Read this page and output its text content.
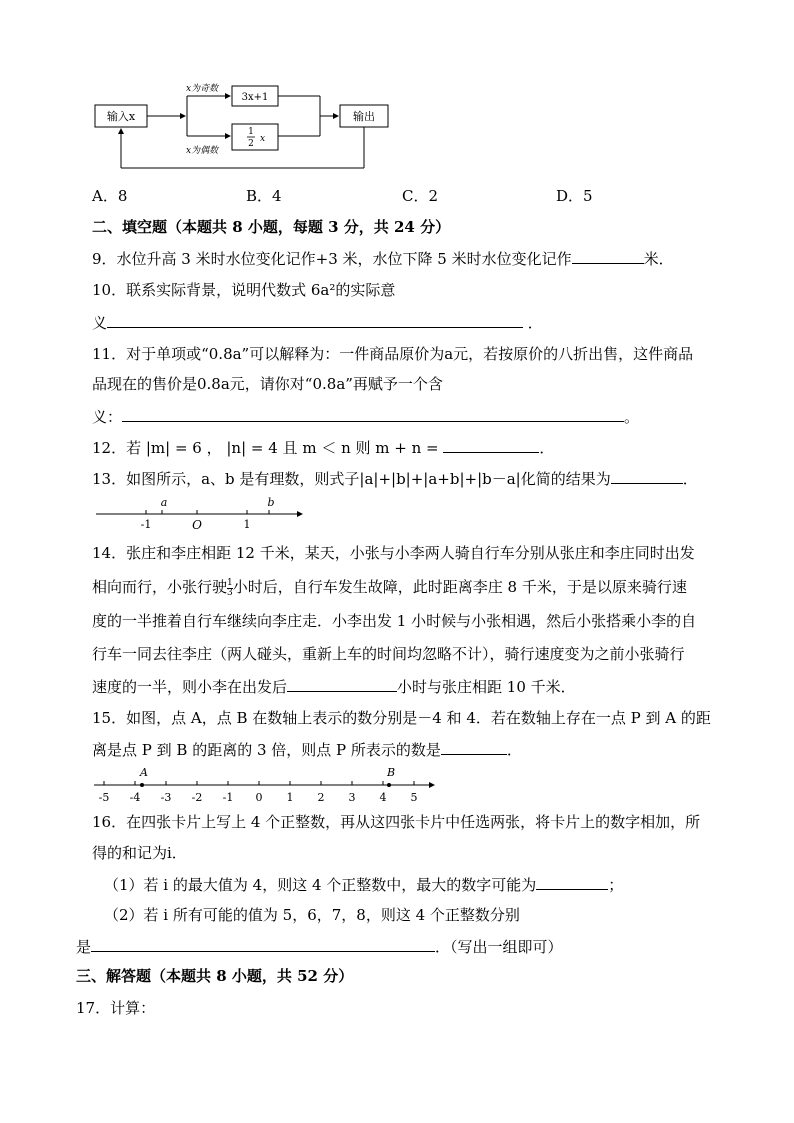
输入x
x为奇数
x为偶数
3x+1
1
2 x
输出
A．8	B．4	C．2	D．5
二、填空题（本题共 8 小题，每题 3 分，共 24 分）
9．水位升高 3 米时水位变化记作+3 米，水位下降 5 米时水位变化记作	米．
10．联系实际背景，说明代数式 6a²的实际意
义	．
11．对于单项或“0.8a”可以解释为：一件商品原价为a元，若按原价的八折出售，这件商品
品现在的售价是0.8a元，请你对“0.8a”再赋予一个含
义：	。
12．若 |m| = 6 ， |n| = 4 且 m ＜ n 则 m + n =	．
13．如图所示，a、b 是有理数，则式子|a|+|b|+|a+b|+|b－a|化简的结果为	．
-1	O	1
a	b
14．张庄和李庄相距 12 千米，某天，小张与小李两人骑自行车分别从张庄和李庄同时出发
相向而行，小张行驶 $\frac{1}{3}$ 小时后，自行车发生故障，此时距离李庄 8 千米，于是以原来骑行速
度的一半推着自行车继续向李庄走．小李出发 1 小时候与小张相遇，然后小张搭乘小李的自
行车一同去往李庄（两人碰头，重新上车的时间均忽略不计），骑行速度变为之前小张骑行
速度的一半，则小李在出发后	小时与张庄相距 10 千米．
15．如图，点 A，点 B 在数轴上表示的数分别是－4 和 4．若在数轴上存在一点 P 到 A 的距
离是点 P 到 B 的距离的 3 倍，则点 P 所表示的数是	．
-5 -4 -3 -2 -1 0 1 2 3 4 5
A	B
16．在四张卡片上写上 4 个正整数，再从这四张卡片中任选两张，将卡片上的数字相加，所
得的和记为i．
（1）若 i 的最大值为 4，则这 4 个正整数中，最大的数字可能为	；
（2）若 i 所有可能的值为 5，6，7，8，则这 4 个正整数分别
是	．（写出一组即可）
三、解答题（本题共 8 小题，共 52 分）
17．计算：
